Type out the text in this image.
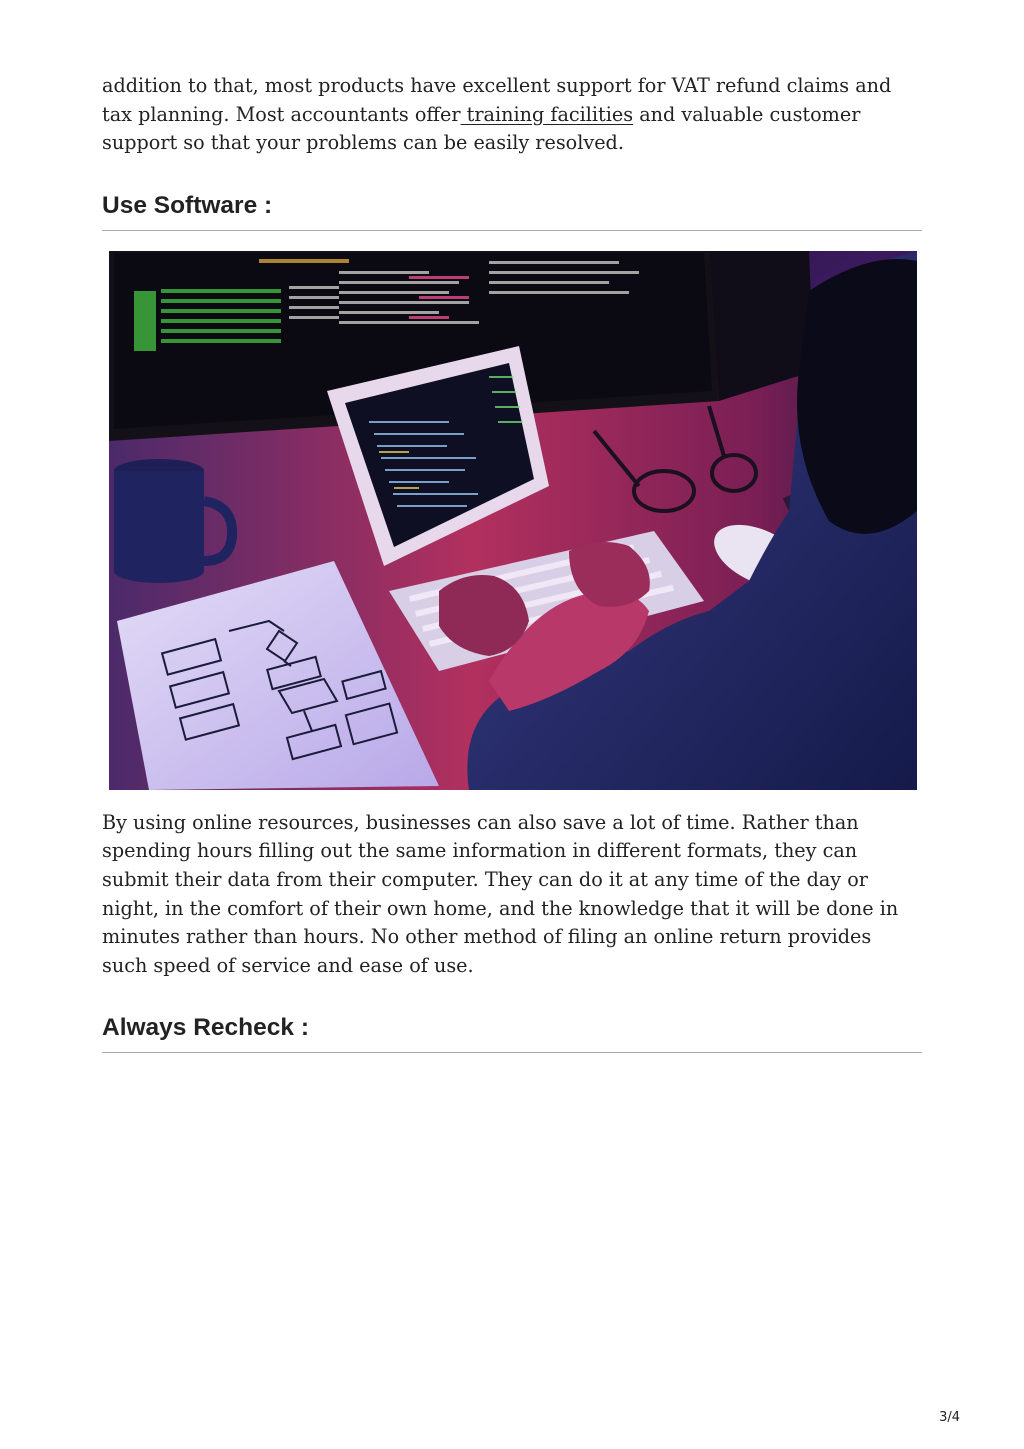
addition to that, most products have excellent support for VAT refund claims and tax planning. Most accountants offer training facilities and valuable customer support so that your problems can be easily resolved.

Use Software :

By using online resources, businesses can also save a lot of time. Rather than spending hours filling out the same information in different formats, they can submit their data from their computer. They can do it at any time of the day or night, in the comfort of their own home, and the knowledge that it will be done in minutes rather than hours. No other method of filing an online return provides such speed of service and ease of use.

Always Recheck :
3/4
